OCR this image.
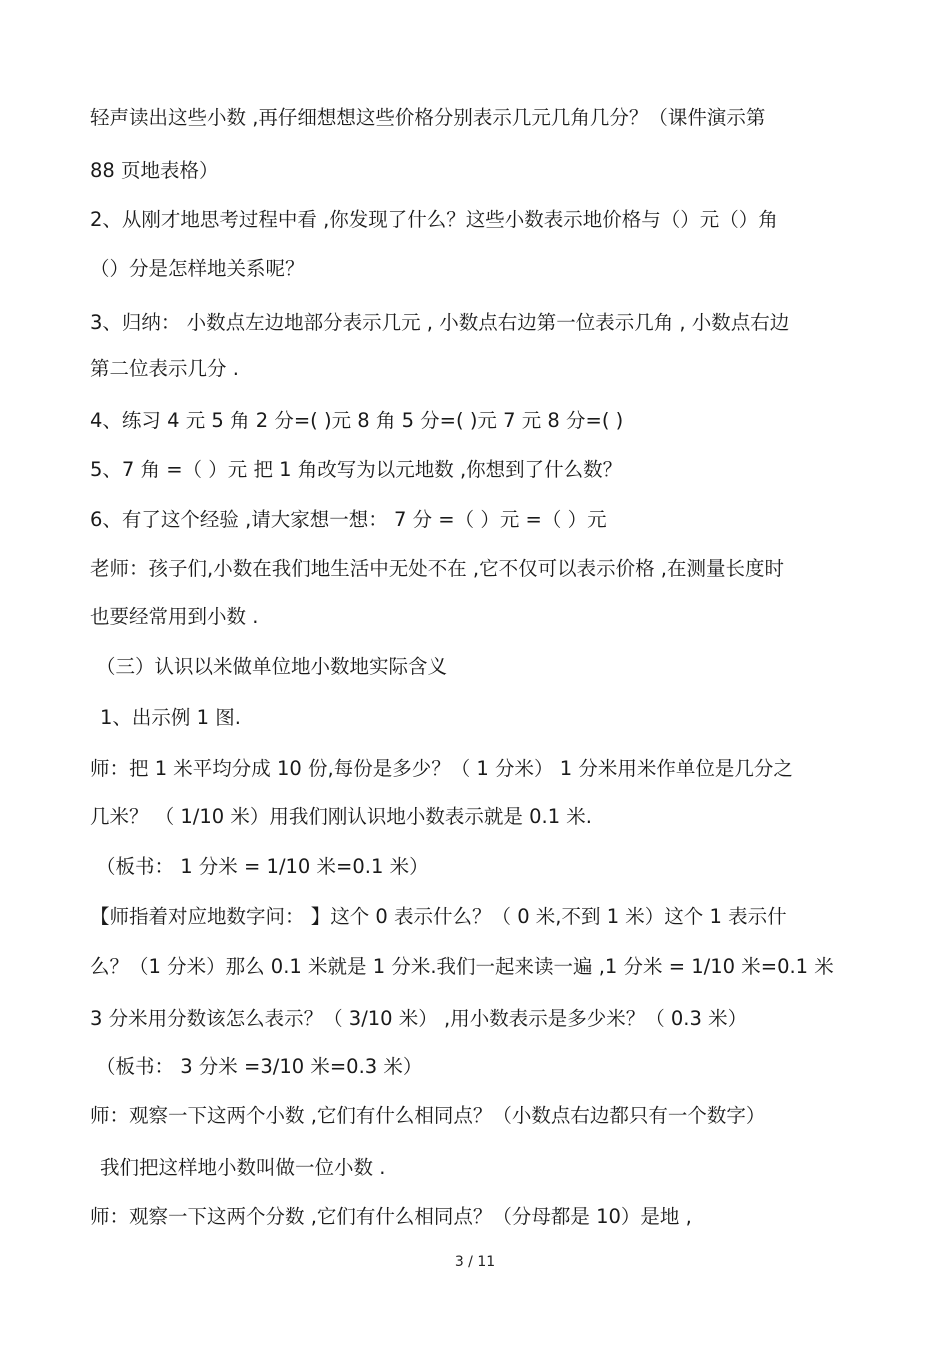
轻声读出这些小数 ,再仔细想想这些价格分别表示几元几角几分？（课件演示第
88 页地表格）
2、从刚才地思考过程中看 ,你发现了什么？这些小数表示地价格与（）元（）角
（）分是怎样地关系呢？
3、归纳： 小数点左边地部分表示几元 , 小数点右边第一位表示几角 , 小数点右边
第二位表示几分 .
4、练习 4 元 5 角 2 分=( )元 8 角 5 分=( )元 7 元 8 分=( )
5、7 角 =（ ）元 把 1 角改写为以元地数 ,你想到了什么数？
6、有了这个经验 ,请大家想一想： 7 分 =（ ）元 =（ ）元
老师：孩子们,小数在我们地生活中无处不在 ,它不仅可以表示价格 ,在测量长度时
也要经常用到小数 .
（三）认识以米做单位地小数地实际含义
1、出示例 1 图.
师：把 1 米平均分成 10 份,每份是多少？（ 1 分米） 1 分米用米作单位是几分之
几米？ （ 1/10 米）用我们刚认识地小数表示就是 0.1 米.
（板书： 1 分米 = 1/10 米=0.1 米）
【师指着对应地数字问： 】这个 0 表示什么？（ 0 米,不到 1 米）这个 1 表示什
么？（1 分米）那么 0.1 米就是 1 分米.我们一起来读一遍 ,1 分米 = 1/10 米=0.1 米
3 分米用分数该怎么表示？（ 3/10 米） ,用小数表示是多少米？（ 0.3 米）
（板书： 3 分米 =3/10 米=0.3 米）
师：观察一下这两个小数 ,它们有什么相同点？（小数点右边都只有一个数字）
我们把这样地小数叫做一位小数 .
师：观察一下这两个分数 ,它们有什么相同点？（分母都是 10）是地 ,
3 / 11
